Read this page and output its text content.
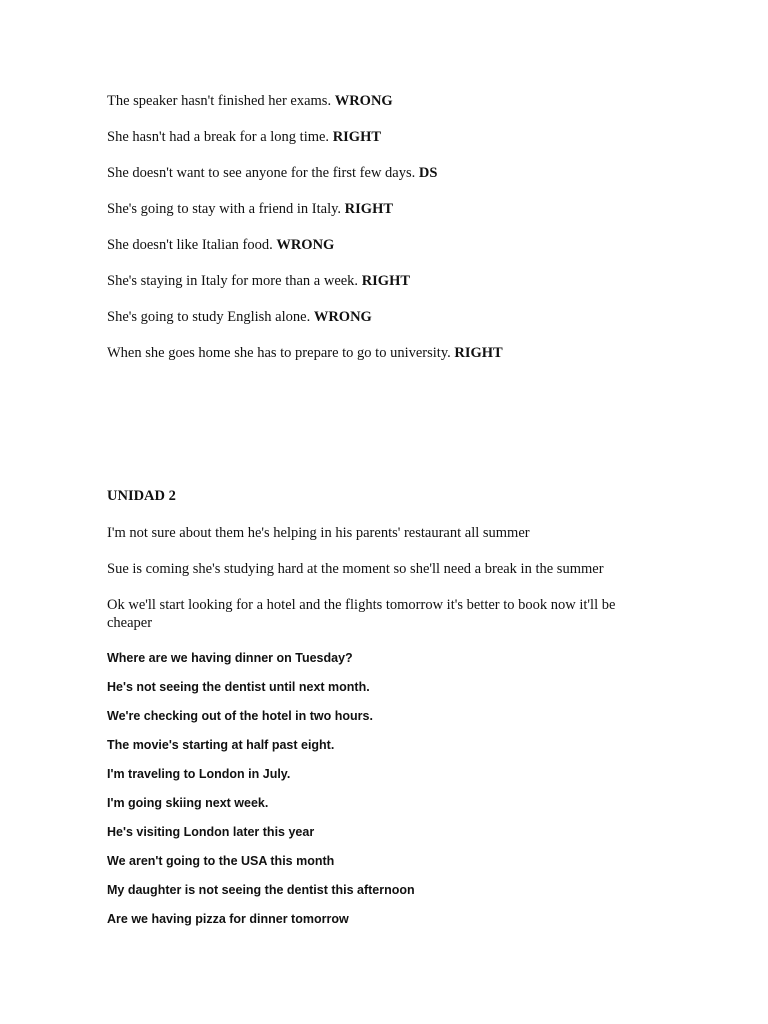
The speaker hasn't finished her exams. WRONG
She hasn't had a break for a long time. RIGHT
She doesn't want to see anyone for the first few days. DS
She's going to stay with a friend in Italy. RIGHT
She doesn't like Italian food. WRONG
She's staying in Italy for more than a week. RIGHT
She's going to study English alone. WRONG
When she goes home she has to prepare to go to university. RIGHT
UNIDAD 2
I'm not sure about them he's helping in his parents' restaurant all summer
Sue is coming she's studying hard at the moment so she'll need a break in the summer
Ok we'll start looking for a hotel and the flights tomorrow it's better to book now it'll be cheaper
Where are we having dinner on Tuesday?
He's not seeing the dentist until next month.
We're checking out of the hotel in two hours.
The movie's starting at half past eight.
I'm traveling to London in July.
I'm going skiing next week.
He's visiting London later this year
We aren't going to the USA this month
My daughter is not seeing the dentist this afternoon
Are we having pizza for dinner tomorrow
